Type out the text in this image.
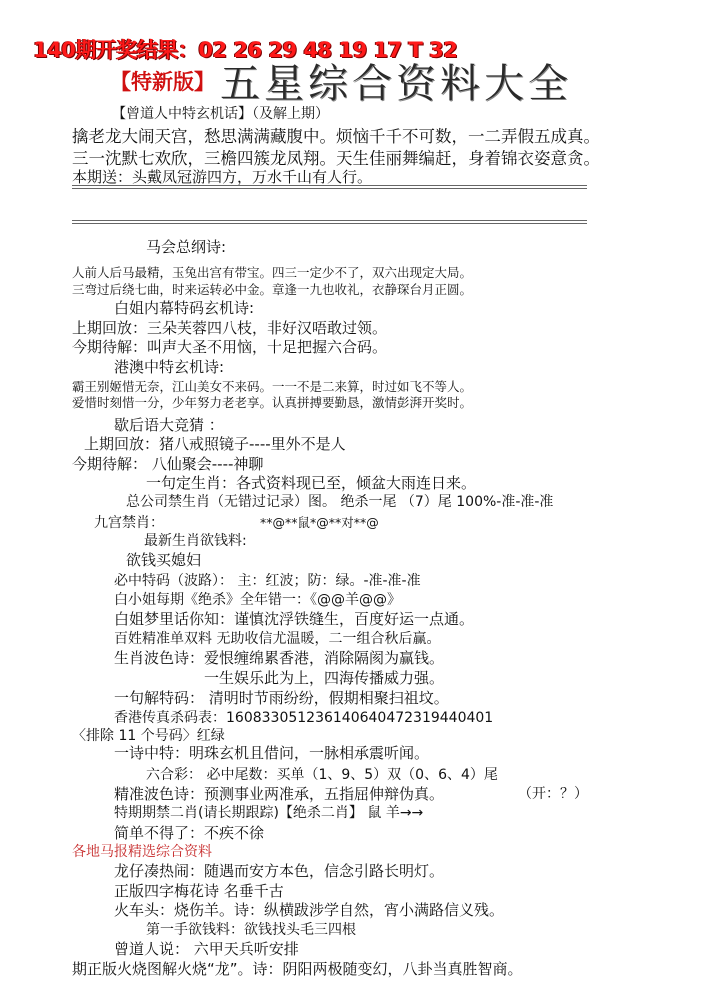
140期开奖结果：02 26 29 48 19 17 T 32
【特新版】 五星综合资料大全
【曾道人中特玄机话】（及解上期）
擒老龙大闹天宫，愁思满满藏腹中。烦恼千千不可数，一二弄假五成真。
三一沈默七欢欣，三檐四簇龙凤翔。天生佳丽舞编赶，身着锦衣姿意贪。
本期送：头戴凤冠游四方，万水千山有人行。
马会总纲诗:
人前人后马最精，玉兔出宫有带宝。四三一定少不了，双六出现定大局。
三弯过后绕七曲，时来运转必中金。章逢一九也收礼，衣静琛台月正圆。
白姐内幕特码玄机诗:
上期回放：三朵芙蓉四八枝，非好汉唔敢过领。
今期待解：叫声大圣不用恼，十足把握六合码。
港澳中特玄机诗:
霸王别姬惜无奈，江山美女不来码。一一不是二来算，时过如飞不等人。
爱惜时刻惜一分，少年努力老老享。认真拼搏要勤恳，激情彭湃开奖时。
歇后语大竞猜 ：
上期回放：猪八戒照镜子----里外不是人
今期待解： 八仙聚会----神聊
一句定生肖：各式资料现已至，倾盆大雨连日来。
总公司禁生肖（无错过记录）图。 绝杀一尾 （7）尾 100%-准-准-准
九宫禁肖：	**@**鼠*@**对**@
最新生肖欲钱料:
欲钱买媳妇
必中特码（波路）： 主：红波；防：绿。-准-准-准
白小姐每期《绝杀》全年错一：《@@羊@@》
白姐梦里话你知：谨慎沈浮铁缝生，百度好运一点通。
百姓精准单双料 无助收信尤温暖，二一组合秋后赢。
生肖波色诗：爱恨缠绵累香港，消除隔阂为赢钱。
一生娱乐此为上，四海传播威力强。
一句解特码： 清明时节雨纷纷，假期相聚扫祖坟。
香港传真杀码表：16083305123614064047231944040​1
〈排除 11 个号码〉红绿
一诗中特：明珠玄机且借问，一脉相承震听闻。
六合彩： 必中尾数：买单（1、9、5）双（0、6、4）尾
精准波色诗：预测事业两准承，五指屈伸辩伪真。	（开：？）
特期期禁二肖(请长期跟踪)【绝杀二肖】 鼠 羊→→
简单不得了：不疾不徐
各地马报精选综合资料
龙仔凑热闹：随遇而安方本色，信念引路长明灯。
正版四字梅花诗 名垂千古
火车头：烧伤羊。诗：纵横跋涉学自然，宵小满路信义残。
第一手欲钱料：欲钱找头毛三四根
曾道人说： 六甲天兵听安排
期正版火烧图解火烧“龙”。诗：阴阳两极随变幻，八卦当真胜智商。
